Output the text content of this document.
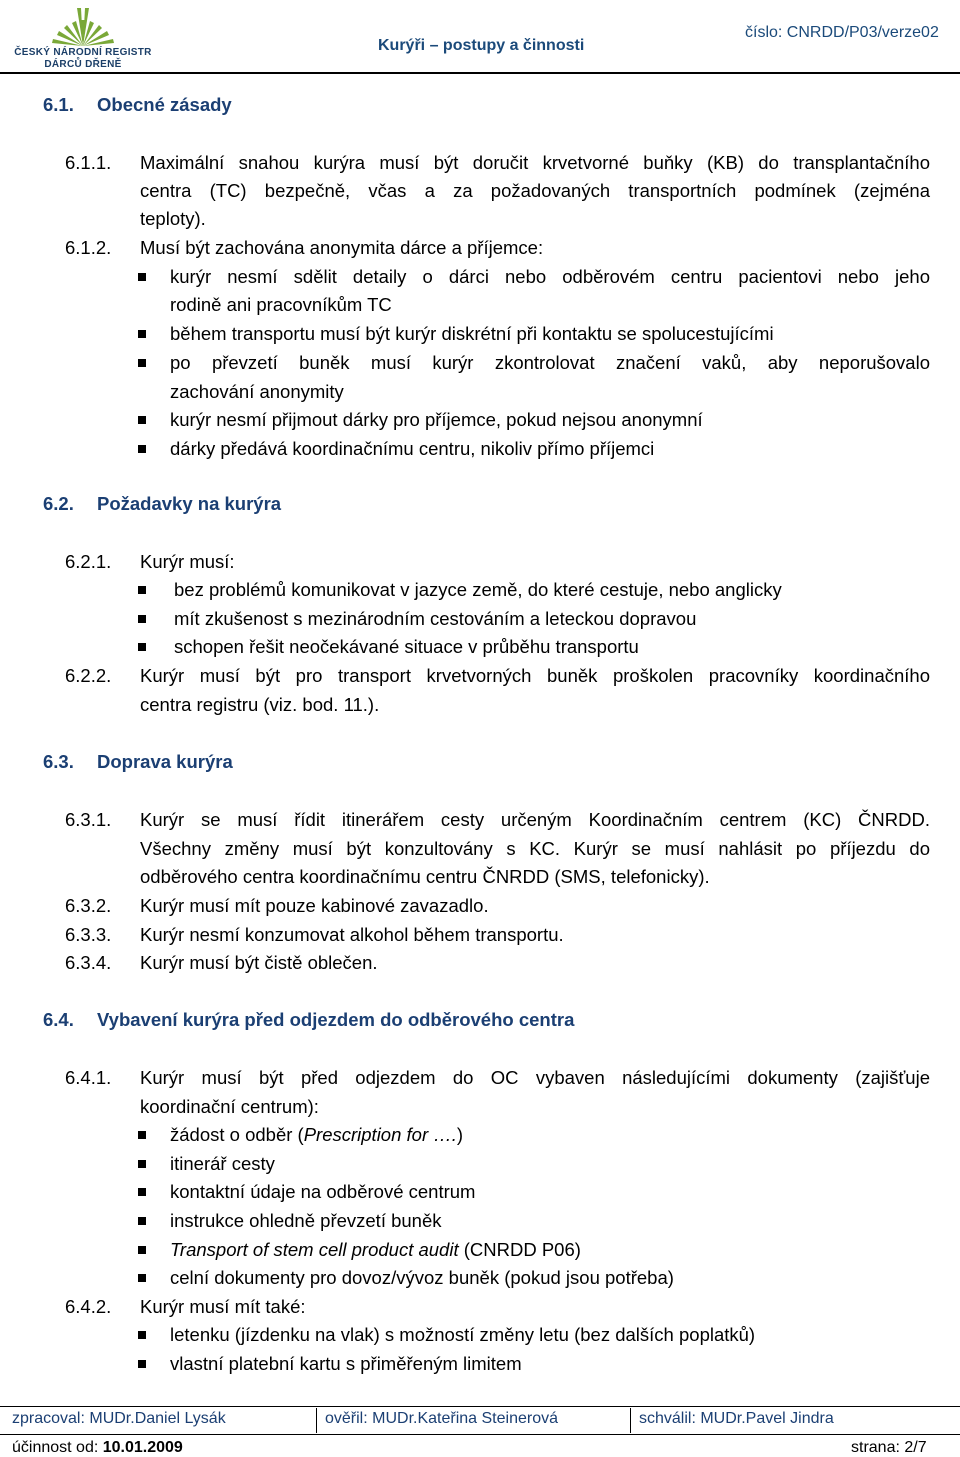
ČESKÝ NÁRODNÍ REGISTR
DÁRCŮ DŘENĚ
Kurýři – postupy a činnosti
číslo: CNRDD/P03/verze02
6.1. Obecné zásady
6.1.1. Maximální snahou kurýra musí být doručit krvetvorné buňky (KB) do transplantačního
centra (TC) bezpečně, včas a za požadovaných transportních podmínek (zejména
teploty).
6.1.2. Musí být zachována anonymita dárce a příjemce:
kurýr nesmí sdělit detaily o dárci nebo odběrovém centru pacientovi nebo jeho
rodině ani pracovníkům TC
během transportu musí být kurýr diskrétní při kontaktu se spolucestujícími
po převzetí buněk musí kurýr zkontrolovat značení vaků, aby neporušovalo
zachování anonymity
kurýr nesmí přijmout dárky pro příjemce, pokud nejsou anonymní
dárky předává koordinačnímu centru, nikoliv přímo příjemci
6.2. Požadavky na kurýra
6.2.1. Kurýr musí:
bez problémů komunikovat v jazyce země, do které cestuje, nebo anglicky
mít zkušenost s mezinárodním cestováním a leteckou dopravou
schopen řešit neočekávané situace v průběhu transportu
6.2.2. Kurýr musí být pro transport krvetvorných buněk proškolen pracovníky koordinačního
centra registru (viz. bod. 11.).
6.3. Doprava kurýra
6.3.1. Kurýr se musí řídit itinerářem cesty určeným Koordinačním centrem (KC) ČNRDD.
Všechny změny musí být konzultovány s KC. Kurýr se musí nahlásit po příjezdu do
odběrového centra koordinačnímu centru ČNRDD (SMS, telefonicky).
6.3.2. Kurýr musí mít pouze kabinové zavazadlo.
6.3.3. Kurýr nesmí konzumovat alkohol během transportu.
6.3.4. Kurýr musí být čistě oblečen.
6.4. Vybavení kurýra před odjezdem do odběrového centra
6.4.1. Kurýr musí být před odjezdem do OC vybaven následujícími dokumenty (zajišťuje
koordinační centrum):
žádost o odběr (Prescription for ….)
itinerář cesty
kontaktní údaje na odběrové centrum
instrukce ohledně převzetí buněk
Transport of stem cell product audit (CNRDD P06)
celní dokumenty pro dovoz/vývoz buněk (pokud jsou potřeba)
6.4.2. Kurýr musí mít také:
letenku (jízdenku na vlak) s možností změny letu (bez dalších poplatků)
vlastní platební kartu s přiměřeným limitem
zpracoval: MUDr.Daniel Lysák	ověřil: MUDr.Kateřina Steinerová	schválil: MUDr.Pavel Jindra
účinnost od: 10.01.2009	strana: 2/7
